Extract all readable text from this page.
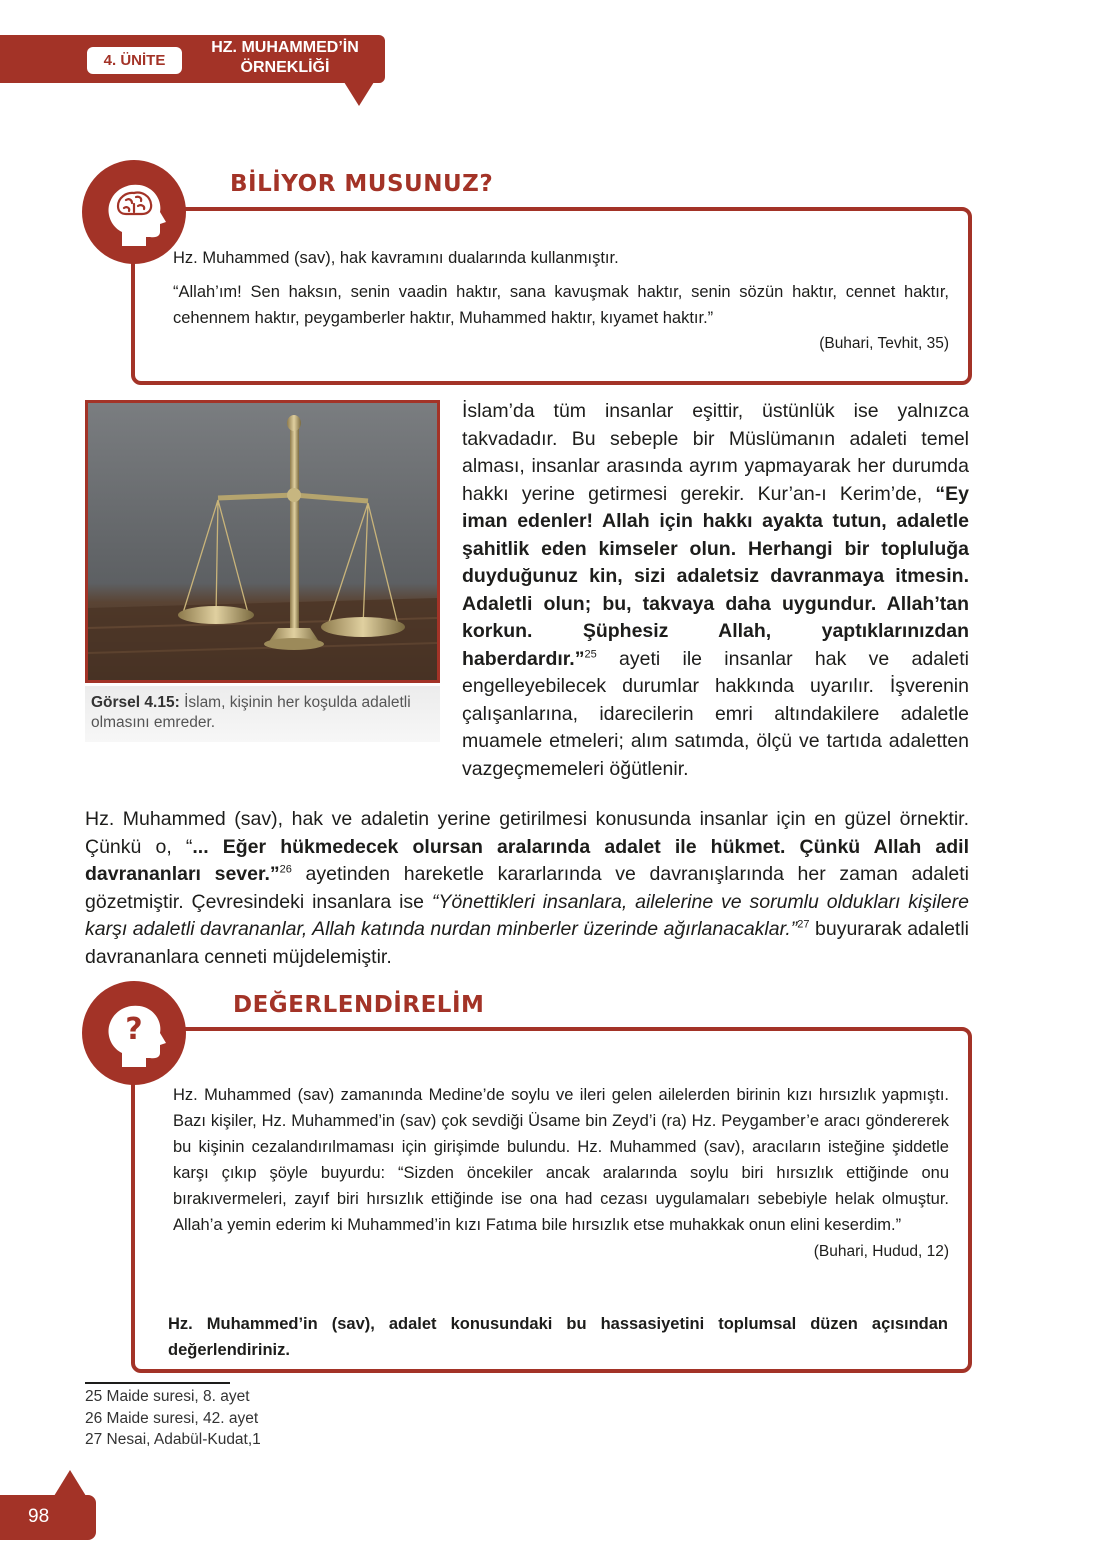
4. ÜNİTE
HZ. MUHAMMED’İN
ÖRNEKLİĞİ
BİLİYOR MUSUNUZ?

Hz. Muhammed (sav), hak kavramını dualarında kullanmıştır.

“Allah’ım! Sen haksın, senin vaadin haktır, sana kavuşmak haktır, senin sözün haktır, cennet haktır, cehennem haktır, peygamberler haktır, Muhammed haktır, kıyamet haktır.”

(Buhari, Tevhit, 35)
Görsel 4.15: İslam, kişinin her koşulda adaletli olmasını emreder.

İslam’da tüm insanlar eşittir, üstünlük ise yalnızca takvadadır. Bu sebeple bir Müslümanın adaleti temel alması, insanlar arasında ayrım yapmayarak her durumda hakkı yerine getirmesi gerekir. Kur’an-ı Kerim’de, “Ey iman edenler! Allah için hakkı ayakta tutun, adaletle şahitlik eden kimseler olun. Herhangi bir topluluğa duyduğunuz kin, sizi adaletsiz davranmaya itmesin. Adaletli olun; bu, takvaya daha uygundur. Allah’tan korkun. Şüphesiz Allah, yaptıklarınızdan haberdardır.”$^{25}$ ayeti ile insanlar hak ve adaleti engelleyebilecek durumlar hakkında uyarılır. İşverenin çalışanlarına, idarecilerin emri altındakilere adaletle muamele etmeleri; alım satımda, ölçü ve tartıda adaletten vazgeçmemeleri öğütlenir.

Hz. Muhammed (sav), hak ve adaletin yerine getirilmesi konusunda insanlar için en güzel örnektir. Çünkü o, “... Eğer hükmedecek olursan aralarında adalet ile hükmet. Çünkü Allah adil davrananları sever.”$^{26}$ ayetinden hareketle kararlarında ve davranışlarında her zaman adaleti gözetmiştir. Çevresindeki insanlara ise “Yönettikleri insanlara, ailelerine ve sorumlu oldukları kişilere karşı adaletli davrananlar, Allah katında nurdan minberler üzerinde ağırlanacaklar.”$^{27}$ buyurarak adaletli davrananlara cenneti müjdelemiştir.

?
DEĞERLENDİRELİM

Hz. Muhammed (sav) zamanında Medine’de soylu ve ileri gelen ailelerden birinin kızı hırsızlık yapmıştı. Bazı kişiler, Hz. Muhammed’in (sav) çok sevdiği Üsame bin Zeyd’i (ra) Hz. Peygamber’e aracı göndererek bu kişinin cezalandırılmaması için girişimde bulundu. Hz. Muhammed (sav), aracıların isteğine şiddetle karşı çıkıp şöyle buyurdu: “Sizden öncekiler ancak aralarında soylu biri hırsızlık ettiğinde onu bırakıvermeleri, zayıf biri hırsızlık ettiğinde ise ona had cezası uygulamaları sebebiyle helak olmuştur. Allah’a yemin ederim ki Muhammed’in kızı Fatıma bile hırsızlık etse muhakkak onun elini keserdim.”

(Buhari, Hudud, 12)

Hz. Muhammed’in (sav), adalet konusundaki bu hassasiyetini toplumsal düzen açısından değerlendiriniz.

25 Maide suresi, 8. ayet
26 Maide suresi, 42. ayet
27 Nesai, Adabül-Kudat,1
98
